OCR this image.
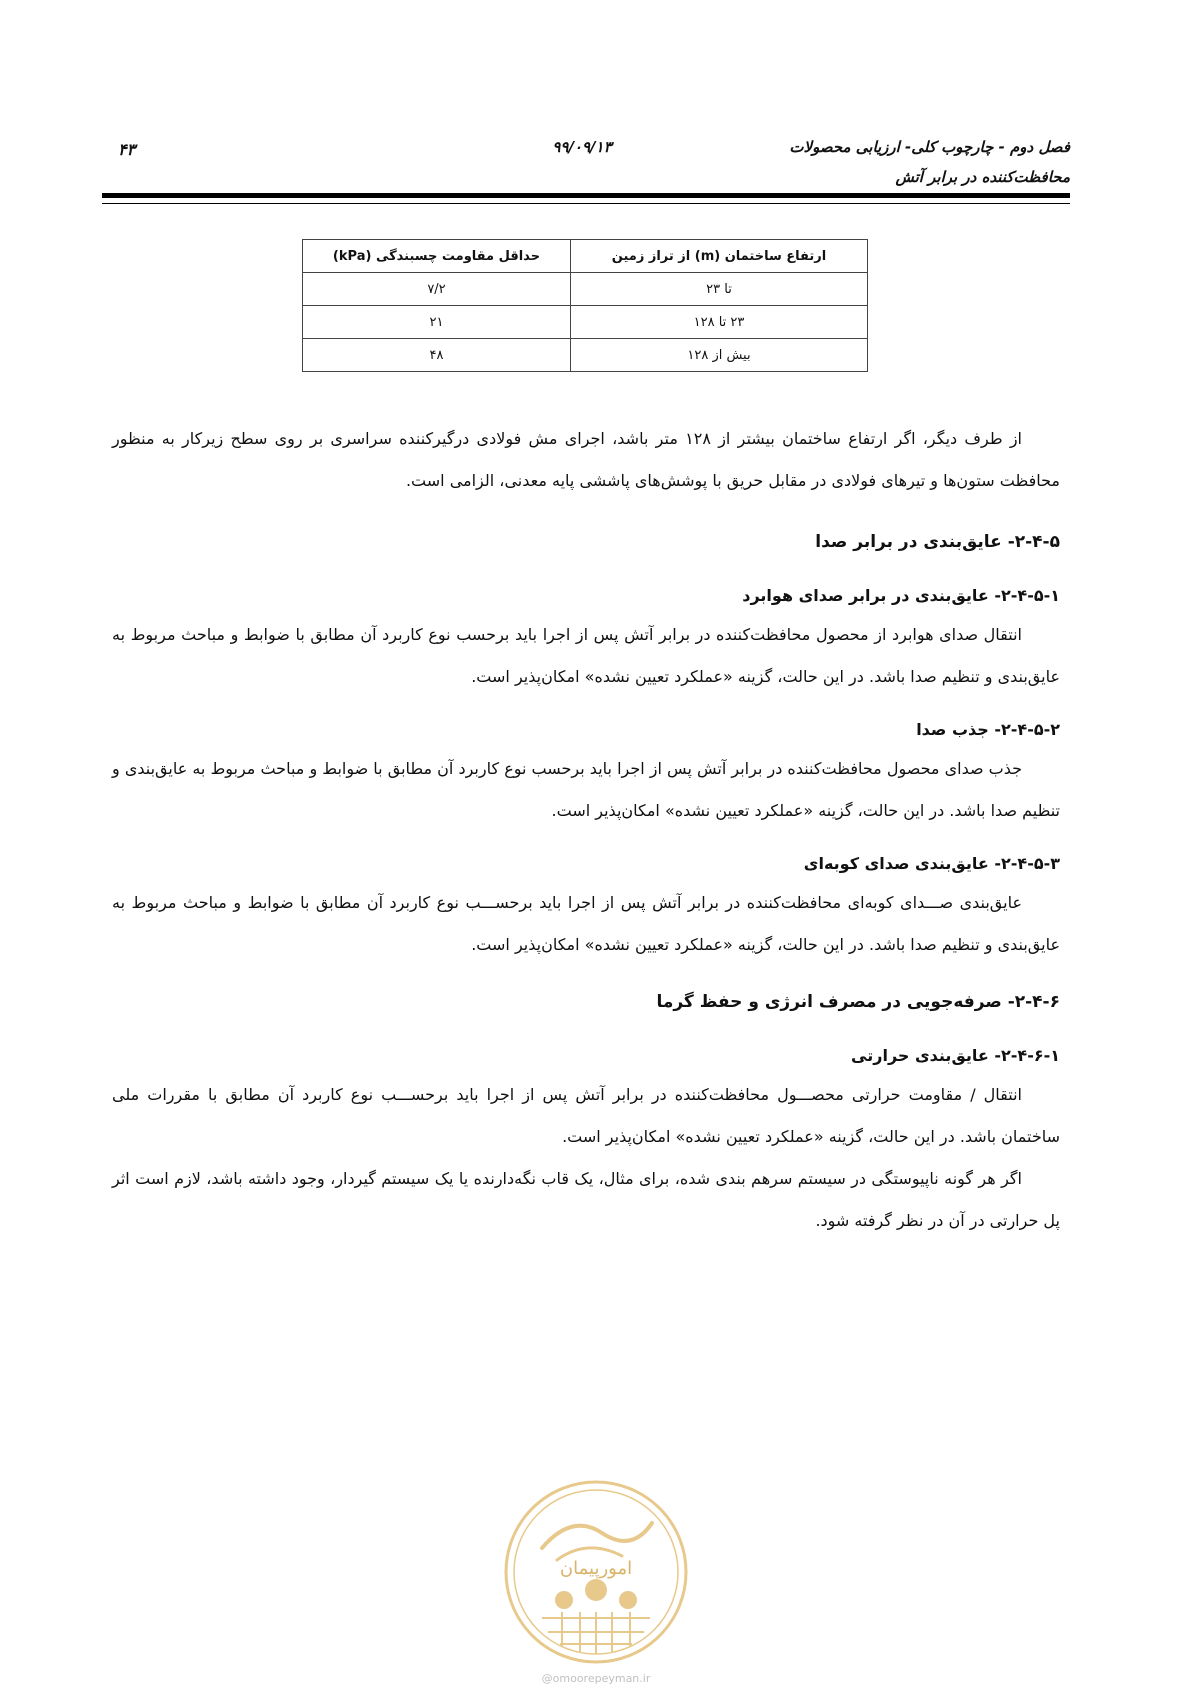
فصل دوم - چارچوب کلی- ارزیابی محصولات
محافظت‌کننده در برابر آتش
۹۹/۰۹/۱۳
۴۳
ارتفاع ساختمان (m) از تراز زمین	حداقل مقاومت چسبندگی (kPa)
تا ۲۳	۷/۲
۲۳ تا ۱۲۸	۲۱
بیش از ۱۲۸	۴۸

از طرف دیگر، اگر ارتفاع ساختمان بیشتر از ۱۲۸ متر باشد، اجرای مش فولادی درگیرکننده سراسری بر روی سطح زیرکار به منظور محافظت ستون‌ها و تیرهای فولادی در مقابل حریق با پوشش‌های پاششی پایه معدنی، الزامی است.

۲-۴-۵- عایق‌بندی در برابر صدا
۲-۴-۵-۱- عایق‌بندی در برابر صدای هوابرد

انتقال صدای هوابرد از محصول محافظت‌کننده در برابر آتش پس از اجرا باید برحسب نوع کاربرد آن مطابق با ضوابط و مباحث مربوط به عایق‌بندی و تنظیم صدا باشد. در این حالت، گزینه «عملکرد تعیین نشده» امکان‌پذیر است.

۲-۴-۵-۲- جذب صدا

جذب صدای محصول محافظت‌کننده در برابر آتش پس از اجرا باید برحسب نوع کاربرد آن مطابق با ضوابط و مباحث مربوط به عایق‌بندی و تنظیم صدا باشد. در این حالت، گزینه «عملکرد تعیین نشده» امکان‌پذیر است.

۲-۴-۵-۳- عایق‌بندی صدای کوبه‌ای

عایق‌بندی صـــدای کوبه‌ای محافظت‌کننده در برابر آتش پس از اجرا باید برحســـب نوع کاربرد آن مطابق با ضوابط و مباحث مربوط به عایق‌بندی و تنظیم صدا باشد. در این حالت، گزینه «عملکرد تعیین نشده» امکان‌پذیر است.

۲-۴-۶- صرفه‌جویی در مصرف انرژی و حفظ گرما
۲-۴-۶-۱- عایق‌بندی حرارتی

انتقال / مقاومت حرارتی محصـــول محافظت‌کننده در برابر آتش پس از اجرا باید برحســـب نوع کاربرد آن مطابق با مقررات ملی ساختمان باشد. در این حالت، گزینه «عملکرد تعیین نشده» امکان‌پذیر است.

اگر هر گونه ناپیوستگی در سیستم سرهم بندی شده، برای مثال، یک قاب نگه‌دارنده یا یک سیستم گیردار، وجود داشته باشد، لازم است اثر پل حرارتی در آن در نظر گرفته شود.

امورپیمان
@omoorepeyman.ir
